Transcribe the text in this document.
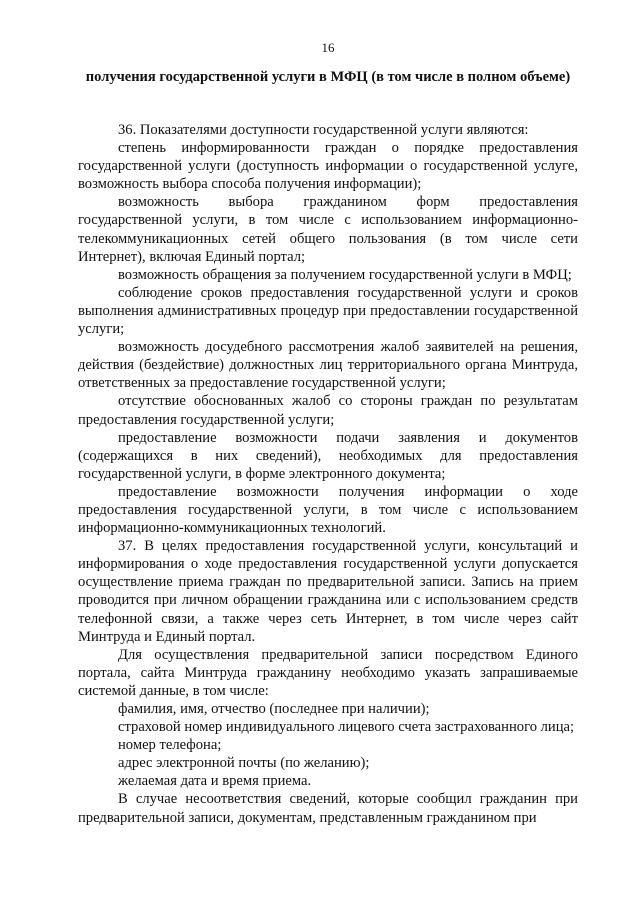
16
получения государственной услуги в МФЦ (в том числе в полном объеме)

36. Показателями доступности государственной услуги являются:

степень информированности граждан о порядке предоставления государственной услуги (доступность информации о государственной услуге, возможность выбора способа получения информации);

возможность выбора гражданином форм предоставления государственной услуги, в том числе с использованием информационно-телекоммуникационных сетей общего пользования (в том числе сети Интернет), включая Единый портал;

возможность обращения за получением государственной услуги в МФЦ;

соблюдение сроков предоставления государственной услуги и сроков выполнения административных процедур при предоставлении государственной услуги;

возможность досудебного рассмотрения жалоб заявителей на решения, действия (бездействие) должностных лиц территориального органа Минтруда, ответственных за предоставление государственной услуги;

отсутствие обоснованных жалоб со стороны граждан по результатам предоставления государственной услуги;

предоставление возможности подачи заявления и документов (содержащихся в них сведений), необходимых для предоставления государственной услуги, в форме электронного документа;

предоставление возможности получения информации о ходе предоставления государственной услуги, в том числе с использованием информационно-коммуникационных технологий.

37. В целях предоставления государственной услуги, консультаций и информирования о ходе предоставления государственной услуги допускается осуществление приема граждан по предварительной записи. Запись на прием проводится при личном обращении гражданина или с использованием средств телефонной связи, а также через сеть Интернет, в том числе через сайт Минтруда и Единый портал.

Для осуществления предварительной записи посредством Единого портала, сайта Минтруда гражданину необходимо указать запрашиваемые системой данные, в том числе:

фамилия, имя, отчество (последнее при наличии);

страховой номер индивидуального лицевого счета застрахованного лица;

номер телефона;

адрес электронной почты (по желанию);

желаемая дата и время приема.

В случае несоответствия сведений, которые сообщил гражданин при предварительной записи, документам, представленным гражданином при
